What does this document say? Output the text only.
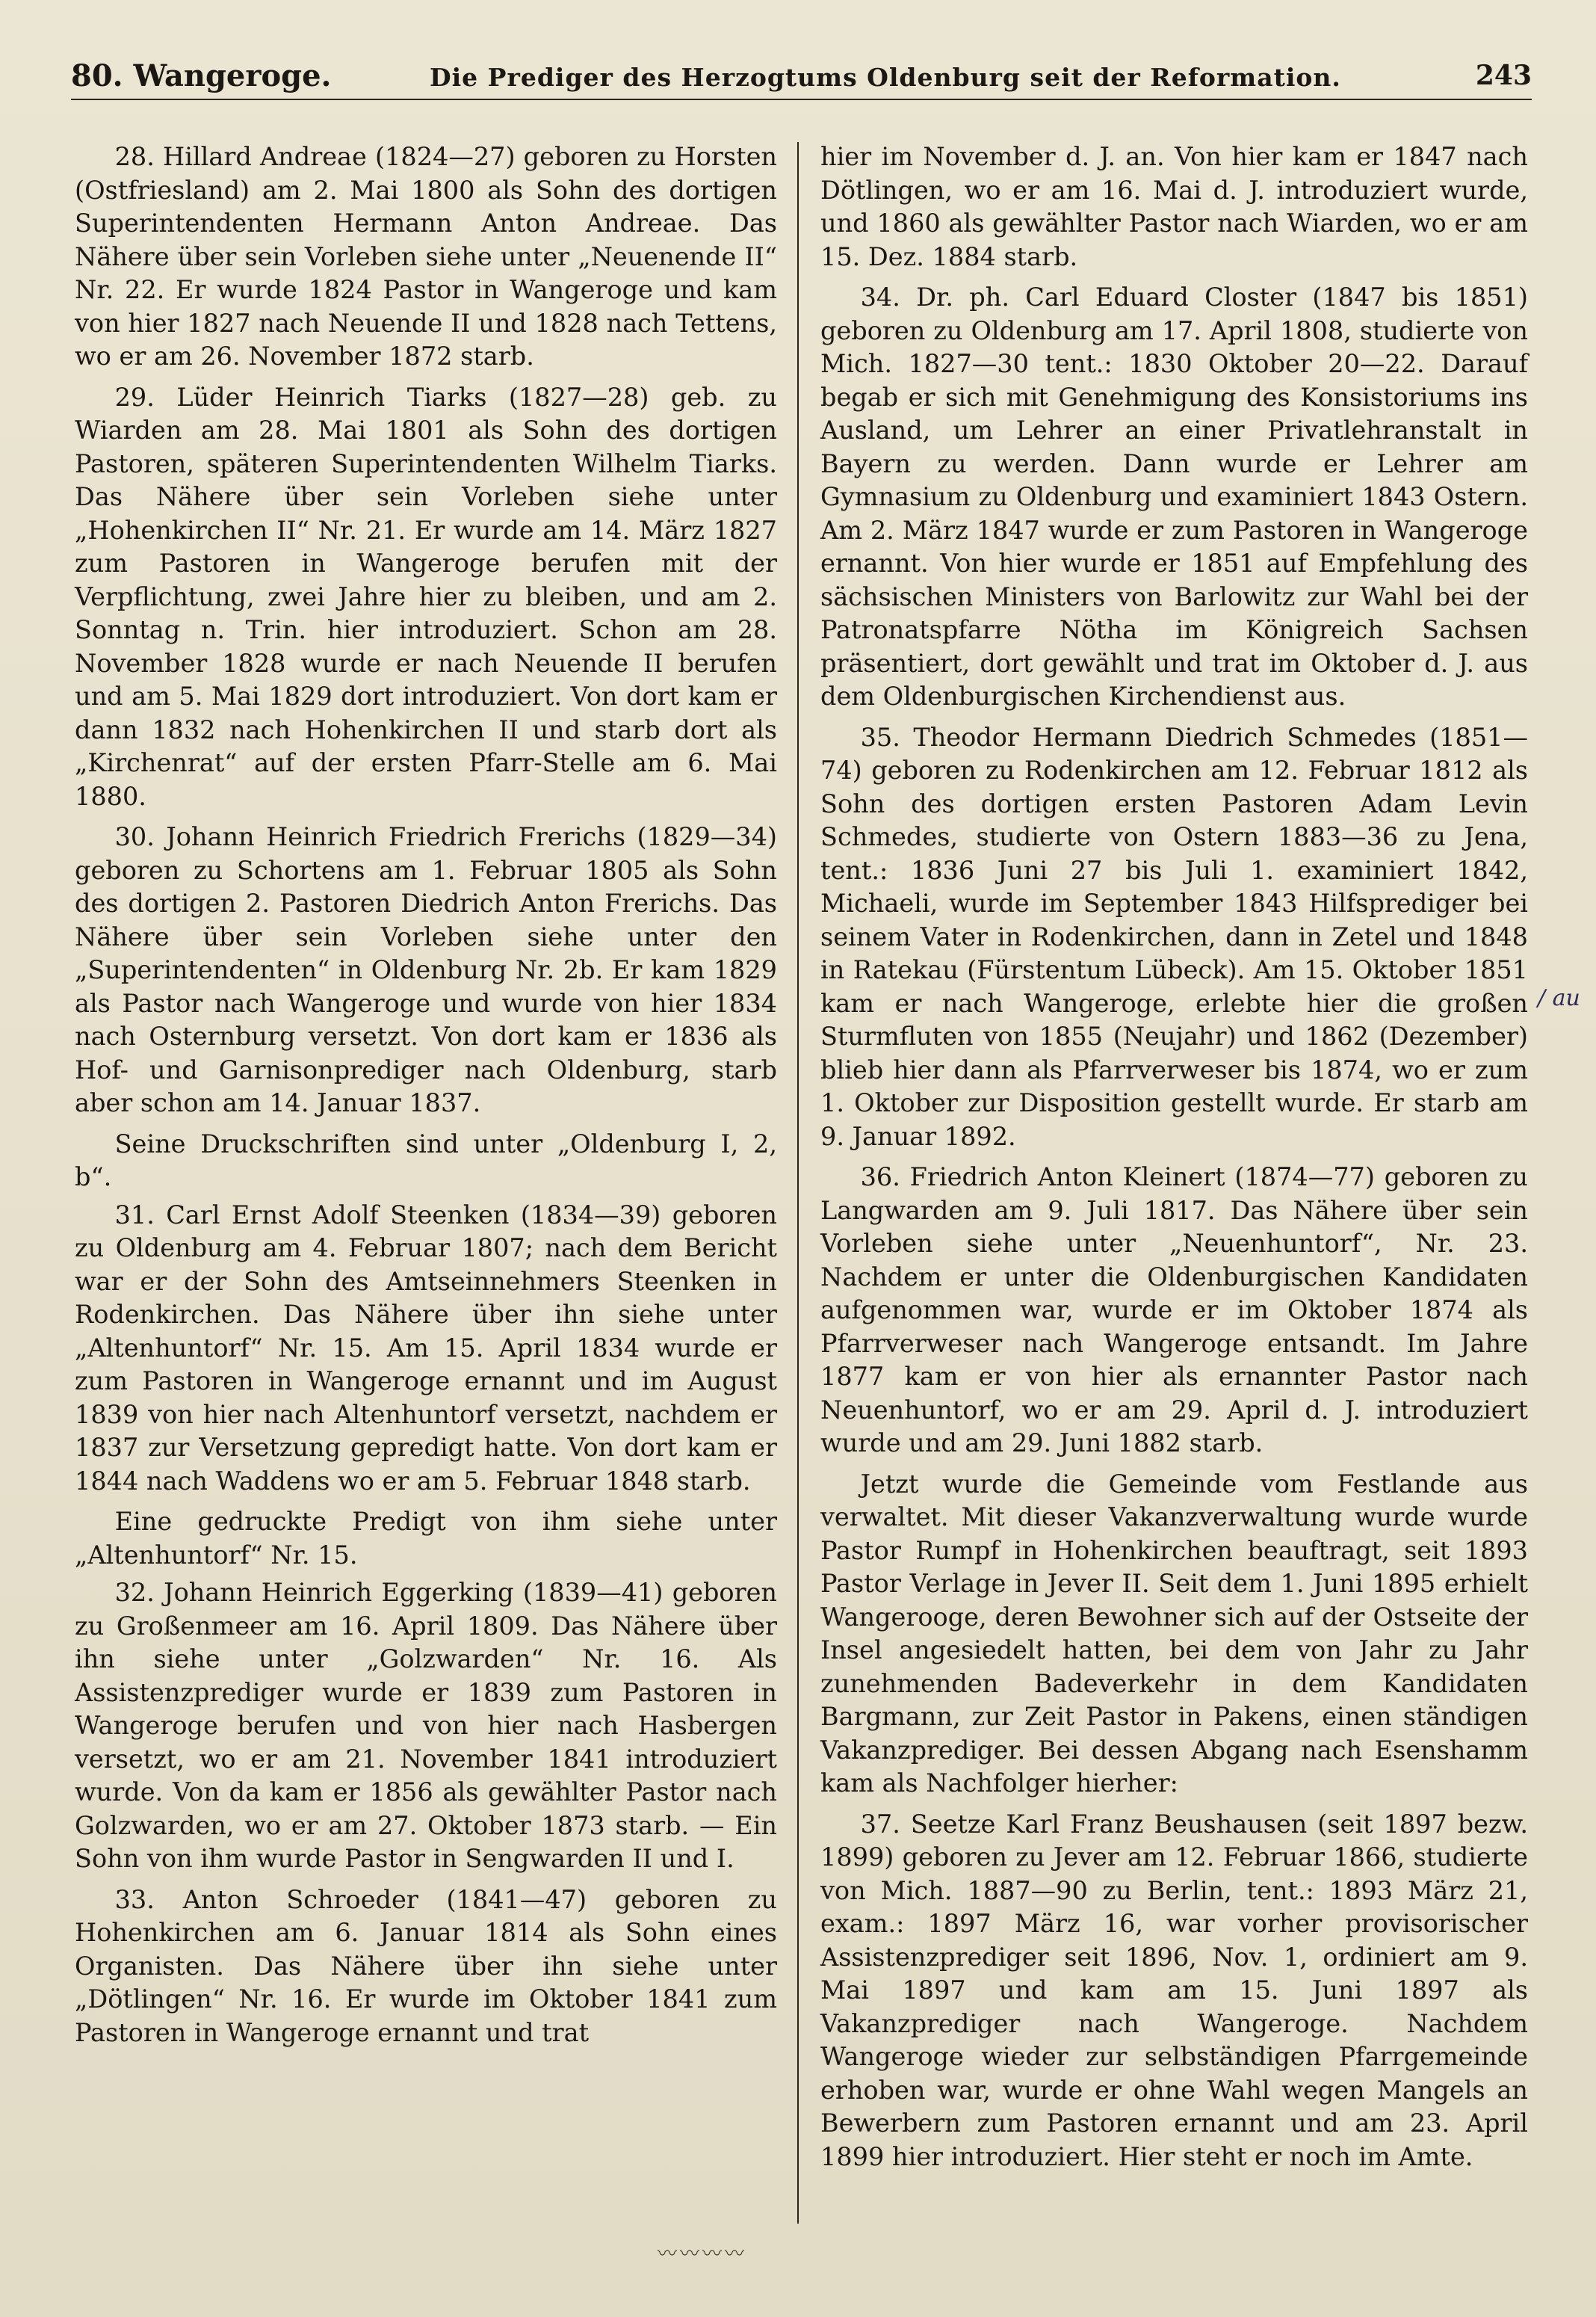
80. Wangeroge.	Die Prediger des Herzogtums Oldenburg seit der Reformation.	243

28. Hillard Andreae (1824—27) geboren zu Horsten (Ostfriesland) am 2. Mai 1800 als Sohn des dortigen Superintendenten Hermann Anton Andreae. Das Nähere über sein Vorleben siehe unter „Neuenende II“ Nr. 22. Er wurde 1824 Pastor in Wangeroge und kam von hier 1827 nach Neuende II und 1828 nach Tettens, wo er am 26. November 1872 starb.

29. Lüder Heinrich Tiarks (1827—28) geb. zu Wiarden am 28. Mai 1801 als Sohn des dortigen Pastoren, späteren Superintendenten Wilhelm Tiarks. Das Nähere über sein Vorleben siehe unter „Hohenkirchen II“ Nr. 21. Er wurde am 14. März 1827 zum Pastoren in Wangeroge berufen mit der Verpflichtung, zwei Jahre hier zu bleiben, und am 2. Sonntag n. Trin. hier introduziert. Schon am 28. November 1828 wurde er nach Neuende II berufen und am 5. Mai 1829 dort introduziert. Von dort kam er dann 1832 nach Hohenkirchen II und starb dort als „Kirchenrat“ auf der ersten Pfarr-Stelle am 6. Mai 1880.

30. Johann Heinrich Friedrich Frerichs (1829—34) geboren zu Schortens am 1. Februar 1805 als Sohn des dortigen 2. Pastoren Diedrich Anton Frerichs. Das Nähere über sein Vorleben siehe unter den „Superintendenten“ in Oldenburg Nr. 2b. Er kam 1829 als Pastor nach Wangeroge und wurde von hier 1834 nach Osternburg versetzt. Von dort kam er 1836 als Hof- und Garnisonprediger nach Oldenburg, starb aber schon am 14. Januar 1837.

Seine Druckschriften sind unter „Oldenburg I, 2, b“.

31. Carl Ernst Adolf Steenken (1834—39) geboren zu Oldenburg am 4. Februar 1807; nach dem Bericht war er der Sohn des Amtseinnehmers Steenken in Rodenkirchen. Das Nähere über ihn siehe unter „Altenhuntorf“ Nr. 15. Am 15. April 1834 wurde er zum Pastoren in Wangeroge ernannt und im August 1839 von hier nach Altenhuntorf versetzt, nachdem er 1837 zur Versetzung gepredigt hatte. Von dort kam er 1844 nach Waddens wo er am 5. Februar 1848 starb.

Eine gedruckte Predigt von ihm siehe unter „Altenhuntorf“ Nr. 15.

32. Johann Heinrich Eggerking (1839—41) geboren zu Großenmeer am 16. April 1809. Das Nähere über ihn siehe unter „Golzwarden“ Nr. 16. Als Assistenzprediger wurde er 1839 zum Pastoren in Wangeroge berufen und von hier nach Hasbergen versetzt, wo er am 21. November 1841 introduziert wurde. Von da kam er 1856 als gewählter Pastor nach Golzwarden, wo er am 27. Oktober 1873 starb. — Ein Sohn von ihm wurde Pastor in Sengwarden II und I.

33. Anton Schroeder (1841—47) geboren zu Hohenkirchen am 6. Januar 1814 als Sohn eines Organisten. Das Nähere über ihn siehe unter „Dötlingen“ Nr. 16. Er wurde im Oktober 1841 zum Pastoren in Wangeroge ernannt und trat

hier im November d. J. an. Von hier kam er 1847 nach Dötlingen, wo er am 16. Mai d. J. introduziert wurde, und 1860 als gewählter Pastor nach Wiarden, wo er am 15. Dez. 1884 starb.

34. Dr. ph. Carl Eduard Closter (1847 bis 1851) geboren zu Oldenburg am 17. April 1808, studierte von Mich. 1827—30 tent.: 1830 Oktober 20—22. Darauf begab er sich mit Genehmigung des Konsistoriums ins Ausland, um Lehrer an einer Privatlehranstalt in Bayern zu werden. Dann wurde er Lehrer am Gymnasium zu Oldenburg und examiniert 1843 Ostern. Am 2. März 1847 wurde er zum Pastoren in Wangeroge ernannt. Von hier wurde er 1851 auf Empfehlung des sächsischen Ministers von Barlowitz zur Wahl bei der Patronatspfarre Nötha im Königreich Sachsen präsentiert, dort gewählt und trat im Oktober d. J. aus dem Oldenburgischen Kirchendienst aus.

35. Theodor Hermann Diedrich Schmedes (1851—74) geboren zu Rodenkirchen am 12. Februar 1812 als Sohn des dortigen ersten Pastoren Adam Levin Schmedes, studierte von Ostern 1883—36 zu Jena, tent.: 1836 Juni 27 bis Juli 1. examiniert 1842, Michaeli, wurde im September 1843 Hilfsprediger bei seinem Vater in Rodenkirchen, dann in Zetel und 1848 in Ratekau (Fürstentum Lübeck). Am 15. Oktober 1851 kam er nach Wangeroge, erlebte hier die großen Sturmfluten von 1855 (Neujahr) und 1862 (Dezember) blieb hier dann als Pfarrverweser bis 1874, wo er zum 1. Oktober zur Disposition gestellt wurde. Er starb am 9. Januar 1892.

36. Friedrich Anton Kleinert (1874—77) geboren zu Langwarden am 9. Juli 1817. Das Nähere über sein Vorleben siehe unter „Neuenhuntorf“, Nr. 23. Nachdem er unter die Oldenburgischen Kandidaten aufgenommen war, wurde er im Oktober 1874 als Pfarrverweser nach Wangeroge entsandt. Im Jahre 1877 kam er von hier als ernannter Pastor nach Neuenhuntorf, wo er am 29. April d. J. introduziert wurde und am 29. Juni 1882 starb.

Jetzt wurde die Gemeinde vom Festlande aus verwaltet. Mit dieser Vakanzverwaltung wurde wurde Pastor Rumpf in Hohenkirchen beauftragt, seit 1893 Pastor Verlage in Jever II. Seit dem 1. Juni 1895 erhielt Wangerooge, deren Bewohner sich auf der Ostseite der Insel angesiedelt hatten, bei dem von Jahr zu Jahr zunehmenden Badeverkehr in dem Kandidaten Bargmann, zur Zeit Pastor in Pakens, einen ständigen Vakanzprediger. Bei dessen Abgang nach Esenshamm kam als Nachfolger hierher:

37. Seetze Karl Franz Beushausen (seit 1897 bezw. 1899) geboren zu Jever am 12. Februar 1866, studierte von Mich. 1887—90 zu Berlin, tent.: 1893 März 21, exam.: 1897 März 16, war vorher provisorischer Assistenzprediger seit 1896, Nov. 1, ordiniert am 9. Mai 1897 und kam am 15. Juni 1897 als Vakanzprediger nach Wangeroge. Nachdem Wangeroge wieder zur selbständigen Pfarrgemeinde erhoben war, wurde er ohne Wahl wegen Mangels an Bewerbern zum Pastoren ernannt und am 23. April 1899 hier introduziert. Hier steht er noch im Amte.

/ au
〰〰〰〰
